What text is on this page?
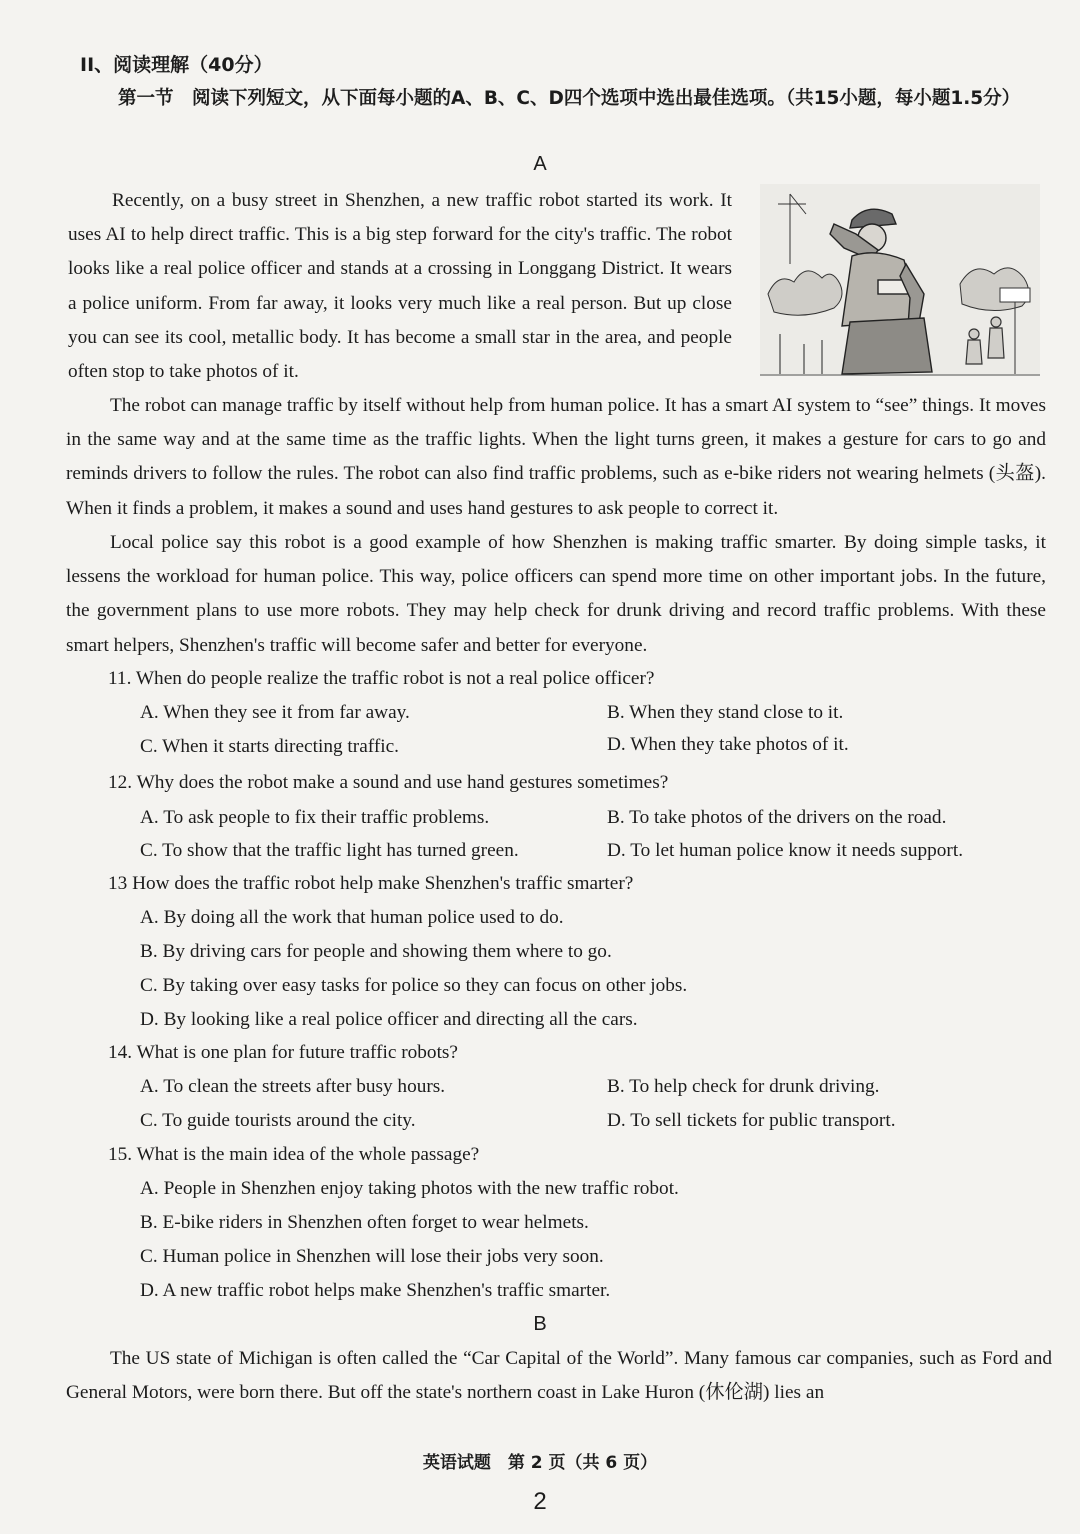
II、阅读理解（40分）
第一节　阅读下列短文，从下面每小题的A、B、C、D四个选项中选出最佳选项。（共15小题，每小题1.5分）
A
Recently, on a busy street in Shenzhen, a new traffic robot started its work. It uses AI to help direct traffic. This is a big step forward for the city's traffic. The robot looks like a real police officer and stands at a crossing in Longgang District. It wears a police uniform. From far away, it looks very much like a real person. But up close you can see its cool, metallic body. It has become a small star in the area, and people often stop to take photos of it.
The robot can manage traffic by itself without help from human police. It has a smart AI system to “see” things. It moves in the same way and at the same time as the traffic lights. When the light turns green, it makes a gesture for cars to go and reminds drivers to follow the rules. The robot can also find traffic problems, such as e-bike riders not wearing helmets (头盔). When it finds a problem, it makes a sound and uses hand gestures to ask people to correct it.
Local police say this robot is a good example of how Shenzhen is making traffic smarter. By doing simple tasks, it lessens the workload for human police. This way, police officers can spend more time on other important jobs. In the future, the government plans to use more robots. They may help check for drunk driving and record traffic problems. With these smart helpers, Shenzhen's traffic will become safer and better for everyone.
11. When do people realize the traffic robot is not a real police officer?
A. When they see it from far away.	B. When they stand close to it.
C. When it starts directing traffic.	D. When they take photos of it.
12. Why does the robot make a sound and use hand gestures sometimes?
A. To ask people to fix their traffic problems.	B. To take photos of the drivers on the road.
C. To show that the traffic light has turned green.	D. To let human police know it needs support.
13 How does the traffic robot help make Shenzhen's traffic smarter?
A. By doing all the work that human police used to do.
B. By driving cars for people and showing them where to go.
C. By taking over easy tasks for police so they can focus on other jobs.
D. By looking like a real police officer and directing all the cars.
14. What is one plan for future traffic robots?
A. To clean the streets after busy hours.	B. To help check for drunk driving.
C. To guide tourists around the city.	D. To sell tickets for public transport.
15. What is the main idea of the whole passage?
A. People in Shenzhen enjoy taking photos with the new traffic robot.
B. E-bike riders in Shenzhen often forget to wear helmets.
C. Human police in Shenzhen will lose their jobs very soon.
D. A new traffic robot helps make Shenzhen's traffic smarter.
B
The US state of Michigan is often called the “Car Capital of the World”. Many famous car companies, such as Ford and General Motors, were born there. But off the state's northern coast in Lake Huron (休伦湖) lies an
英语试题　第 2 页（共 6 页）
2
